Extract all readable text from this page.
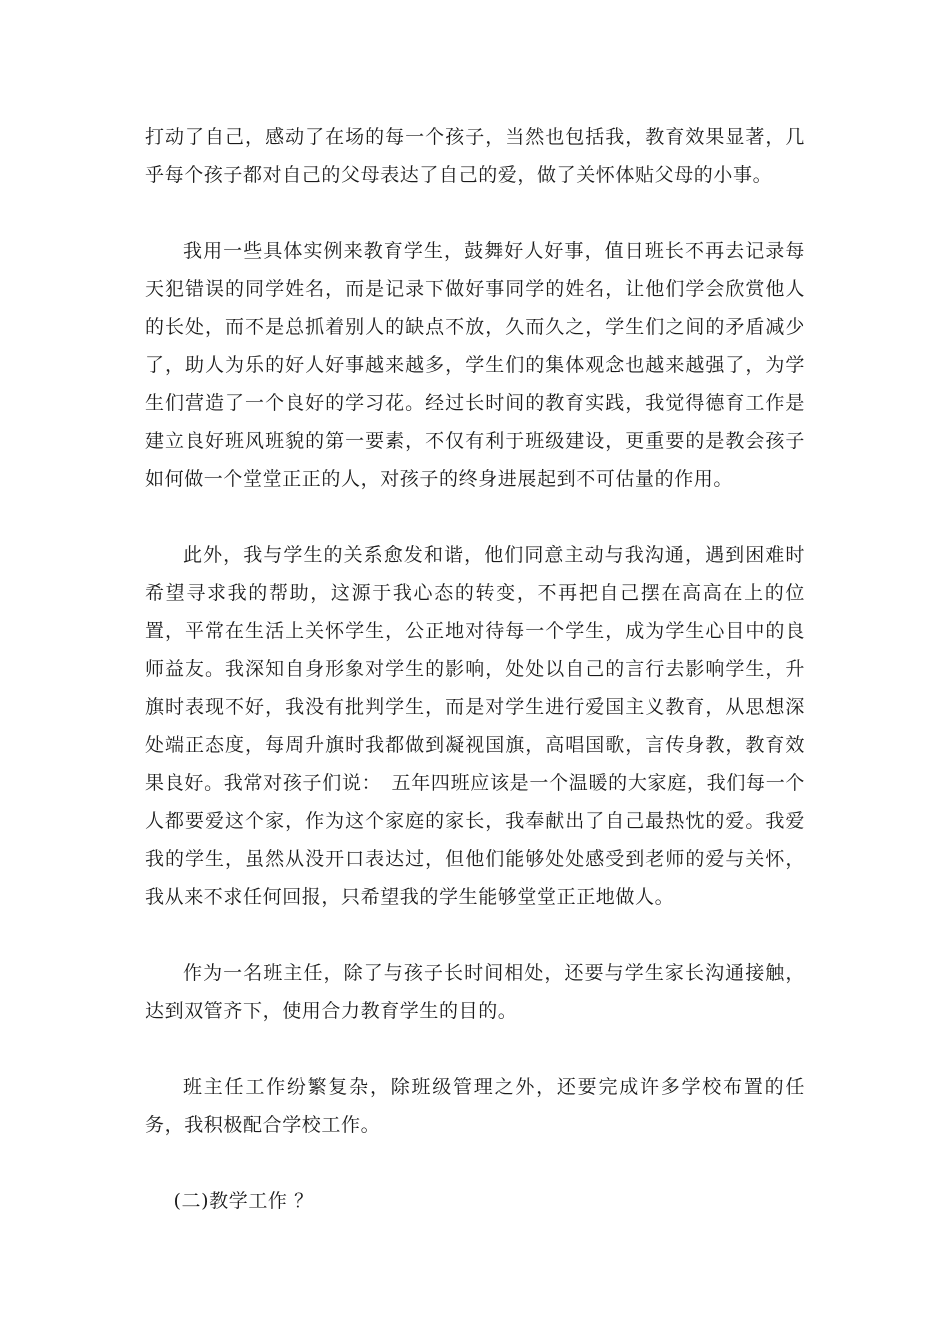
打动了自己，感动了在场的每一个孩子，当然也包括我，教育效果显著，几乎每个孩子都对自己的父母表达了自己的爱，做了关怀体贴父母的小事。

我用一些具体实例来教育学生，鼓舞好人好事，值日班长不再去记录每天犯错误的同学姓名，而是记录下做好事同学的姓名，让他们学会欣赏他人的长处，而不是总抓着别人的缺点不放，久而久之，学生们之间的矛盾减少了，助人为乐的好人好事越来越多，学生们的集体观念也越来越强了，为学生们营造了一个良好的学习花。经过长时间的教育实践，我觉得德育工作是建立良好班风班貌的第一要素，不仅有利于班级建设，更重要的是教会孩子如何做一个堂堂正正的人，对孩子的终身进展起到不可估量的作用。

此外，我与学生的关系愈发和谐，他们同意主动与我沟通，遇到困难时希望寻求我的帮助，这源于我心态的转变，不再把自己摆在高高在上的位置，平常在生活上关怀学生，公正地对待每一个学生，成为学生心目中的良师益友。我深知自身形象对学生的影响，处处以自己的言行去影响学生，升旗时表现不好，我没有批判学生，而是对学生进行爱国主义教育，从思想深处端正态度，每周升旗时我都做到凝视国旗，高唱国歌，言传身教，教育效果良好。我常对孩子们说：　五年四班应该是一个温暖的大家庭，我们每一个人都要爱这个家，作为这个家庭的家长，我奉献出了自己最热忱的爱。我爱我的学生，虽然从没开口表达过，但他们能够处处感受到老师的爱与关怀，我从来不求任何回报，只希望我的学生能够堂堂正正地做人。

作为一名班主任，除了与孩子长时间相处，还要与学生家长沟通接触，达到双管齐下，使用合力教育学生的目的。

班主任工作纷繁复杂，除班级管理之外，还要完成许多学校布置的任务，我积极配合学校工作。

(二)教学工作 ？
